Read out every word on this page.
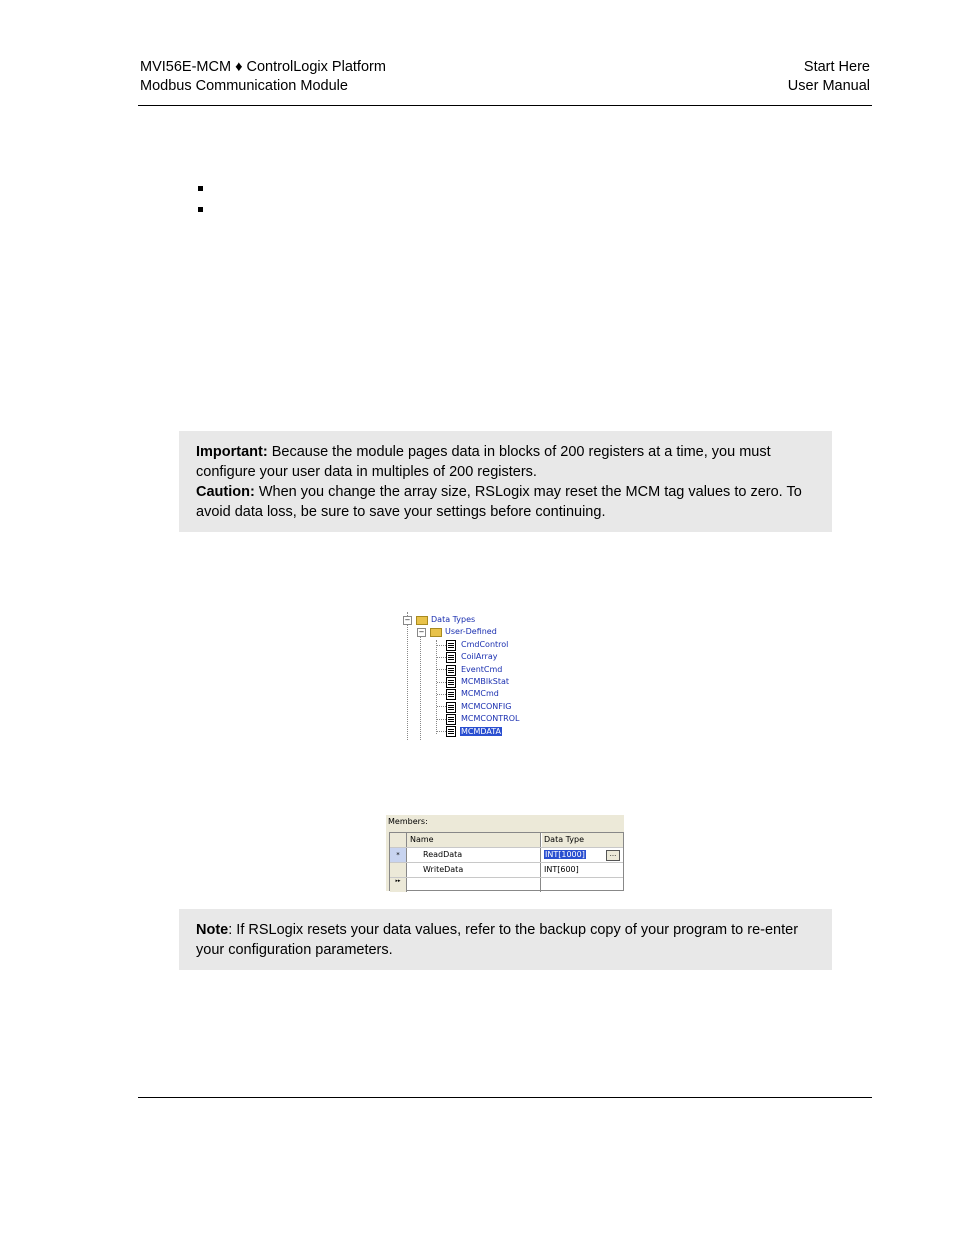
MVI56E-MCM ♦ ControlLogix Platform
Modbus Communication Module
Start Here
User Manual
Important: Because the module pages data in blocks of 200 registers at a time, you must configure your user data in multiples of 200 registers.
Caution: When you change the array size, RSLogix may reset the MCM tag values to zero. To avoid data loss, be sure to save your settings before continuing.
−	Data Types
−	User-Defined
CmdControl
CoilArray
EventCmd
MCMBlkStat
MCMCmd
MCMCONFIG
MCMCONTROL
MCMDATA
Members:
Name	Data Type
*	ReadData	INT[1000]	...
WriteData	INT[600]
▸▸
Note: If RSLogix resets your data values, refer to the backup copy of your program to re-enter your configuration parameters.
